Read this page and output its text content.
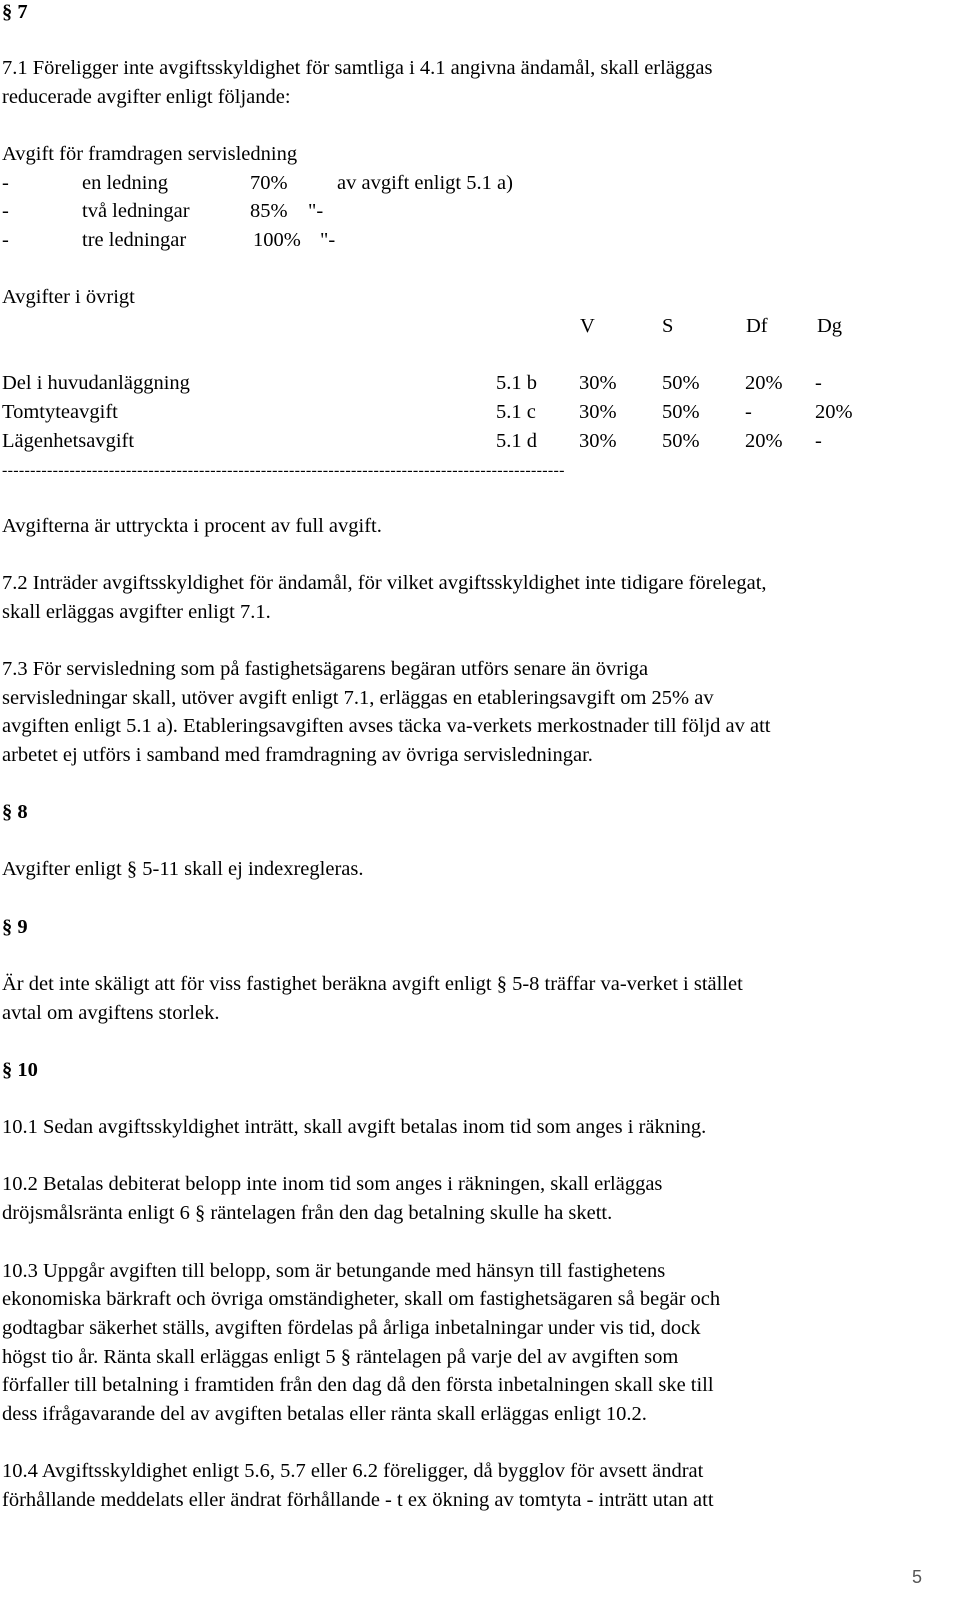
§ 7
7.1 Föreligger inte avgiftsskyldighet för samtliga i 4.1 angivna ändamål, skall erläggas
reducerade avgifter enligt följande:
Avgift för framdragen servisledning
-	en ledning	70% av avgift enligt 5.1 a)
-	två ledningar	85% "-
-	tre ledningar	100% "-
Avgifter i övrigt
V	S	Df Dg
Del i huvudanläggning	5.1 b 30% 50% 20% -
Tomtyteavgift	5.1 c 30% 50% -	20%
Lägenhetsavgift	5.1 d 30% 50% 20% -
----------------------------------------------------------------------------------------------------
Avgifterna är uttryckta i procent av full avgift.
7.2 Inträder avgiftsskyldighet för ändamål, för vilket avgiftsskyldighet inte tidigare förelegat,
skall erläggas avgifter enligt 7.1.
7.3 För servisledning som på fastighetsägarens begäran utförs senare än övriga
servisledningar skall, utöver avgift enligt 7.1, erläggas en etableringsavgift om 25% av
avgiften enligt 5.1 a). Etableringsavgiften avses täcka va-verkets merkostnader till följd av att
arbetet ej utförs i samband med framdragning av övriga servisledningar.
§ 8
Avgifter enligt § 5-11 skall ej indexregleras.
§ 9
Är det inte skäligt att för viss fastighet beräkna avgift enligt § 5-8 träffar va-verket i stället
avtal om avgiftens storlek.
§ 10
10.1 Sedan avgiftsskyldighet inträtt, skall avgift betalas inom tid som anges i räkning.
10.2 Betalas debiterat belopp inte inom tid som anges i räkningen, skall erläggas
dröjsmålsränta enligt 6 § räntelagen från den dag betalning skulle ha skett.
10.3 Uppgår avgiften till belopp, som är betungande med hänsyn till fastighetens
ekonomiska bärkraft och övriga omständigheter, skall om fastighetsägaren så begär och
godtagbar säkerhet ställs, avgiften fördelas på årliga inbetalningar under vis tid, dock
högst tio år. Ränta skall erläggas enligt 5 § räntelagen på varje del av avgiften som
förfaller till betalning i framtiden från den dag då den första inbetalningen skall ske till
dess ifrågavarande del av avgiften betalas eller ränta skall erläggas enligt 10.2.
10.4 Avgiftsskyldighet enligt 5.6, 5.7 eller 6.2 föreligger, då bygglov för avsett ändrat
förhållande meddelats eller ändrat förhållande - t ex ökning av tomtyta - inträtt utan att
5
